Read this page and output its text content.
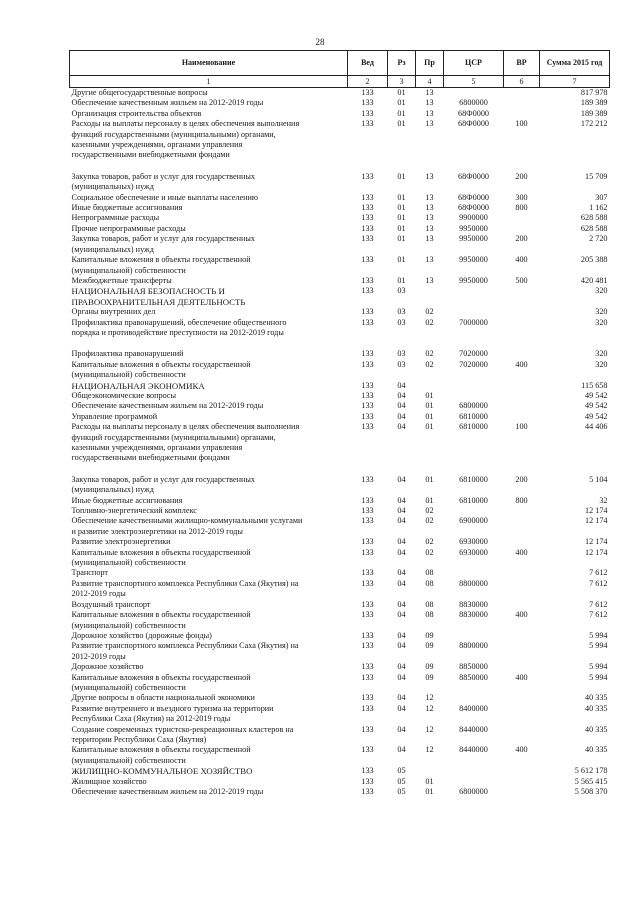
28
Наименование	Вед	Рз	Пр	ЦСР	ВР	Сумма 2015 год
1	2	3	4	5	6	7

Другие общегосударственные вопросы	133	01	13			817 978

Обеспечение качественным жильем на 2012-2019 годы	133	01	13	6800000		189 389

Организация строительства объектов	133	01	13	68Ф0000		189 389

Расходы на выплаты персоналу в целях обеспечения выполнения
функций государственными (муниципальными) органами,
казенными учреждениями, органами управления
государственными внебюджетными фондами	133	01	13	68Ф0000	100	172 212

Закупка товаров, работ и услуг для государственных
(муниципальных) нужд	133	01	13	68Ф0000	200	15 709

Социальное обеспечение и иные выплаты населению	133	01	13	68Ф0000	300	307

Иные бюджетные ассигнования	133	01	13	68Ф0000	800	1 162

Непрограммные расходы	133	01	13	9900000		628 588

Прочие непрограммные расходы	133	01	13	9950000		628 588

Закупка товаров, работ и услуг для государственных
(муниципальных) нужд	133	01	13	9950000	200	2 720

Капитальные вложения в объекты государственной
(муниципальной) собственности	133	01	13	9950000	400	205 388

Межбюджетные трансферты	133	01	13	9950000	500	420 481

НАЦИОНАЛЬНАЯ БЕЗОПАСНОСТЬ И
ПРАВООХРАНИТЕЛЬНАЯ ДЕЯТЕЛЬНОСТЬ	133	03				320

Органы внутренних дел	133	03	02			320

Профилактика правонарушений, обеспечение общественного
порядка и противодействие преступности на 2012-2019 годы	133	03	02	7000000		320

Профилактика правонарушений	133	03	02	7020000		320

Капитальные вложения в объекты государственной
(муниципальной) собственности	133	03	02	7020000	400	320

НАЦИОНАЛЬНАЯ ЭКОНОМИКА	133	04				115 658

Общеэкономические вопросы	133	04	01			49 542

Обеспечение качественным жильем на 2012-2019 годы	133	04	01	6800000		49 542

Управление программой	133	04	01	6810000		49 542

Расходы на выплаты персоналу в целях обеспечения выполнения
функций государственными (муниципальными) органами,
казенными учреждениями, органами управления
государственными внебюджетными фондами	133	04	01	6810000	100	44 406

Закупка товаров, работ и услуг для государственных
(муниципальных) нужд	133	04	01	6810000	200	5 104

Иные бюджетные ассигнования	133	04	01	6810000	800	32

Топливно-энергетический комплекс	133	04	02			12 174

Обеспечение качественными жилищно-коммунальными услугами
и развитие электроэнергетики на 2012-2019 годы	133	04	02	6900000		12 174

Развитие электроэнергетики	133	04	02	6930000		12 174

Капитальные вложения в объекты государственной
(муниципальной) собственности	133	04	02	6930000	400	12 174

Транспорт	133	04	08			7 612

Развитие транспортного комплекса Республики Саха (Якутия) на
2012-2019 годы	133	04	08	8800000		7 612

Воздушный транспорт	133	04	08	8830000		7 612

Капитальные вложения в объекты государственной
(муниципальной) собственности	133	04	08	8830000	400	7 612

Дорожное хозяйство (дорожные фонды)	133	04	09			5 994

Развитие транспортного комплекса Республики Саха (Якутия) на
2012-2019 годы	133	04	09	8800000		5 994

Дорожное хозяйство	133	04	09	8850000		5 994

Капитальные вложения в объекты государственной
(муниципальной) собственности	133	04	09	8850000	400	5 994

Другие вопросы в области национальной экономики	133	04	12			40 335

Развитие внутреннего и въездного туризма на территории
Республики Саха (Якутия) на 2012-2019 годы	133	04	12	8400000		40 335

Создание современных туристско-рекреационных кластеров на
территории Республики Саха (Якутия)	133	04	12	8440000		40 335

Капитальные вложения в объекты государственной
(муниципальной) собственности	133	04	12	8440000	400	40 335

ЖИЛИЩНО-КОММУНАЛЬНОЕ ХОЗЯЙСТВО	133	05				5 612 178

Жилищное хозяйство	133	05	01			5 565 415

Обеспечение качественным жильем на 2012-2019 годы	133	05	01	6800000		5 508 370
